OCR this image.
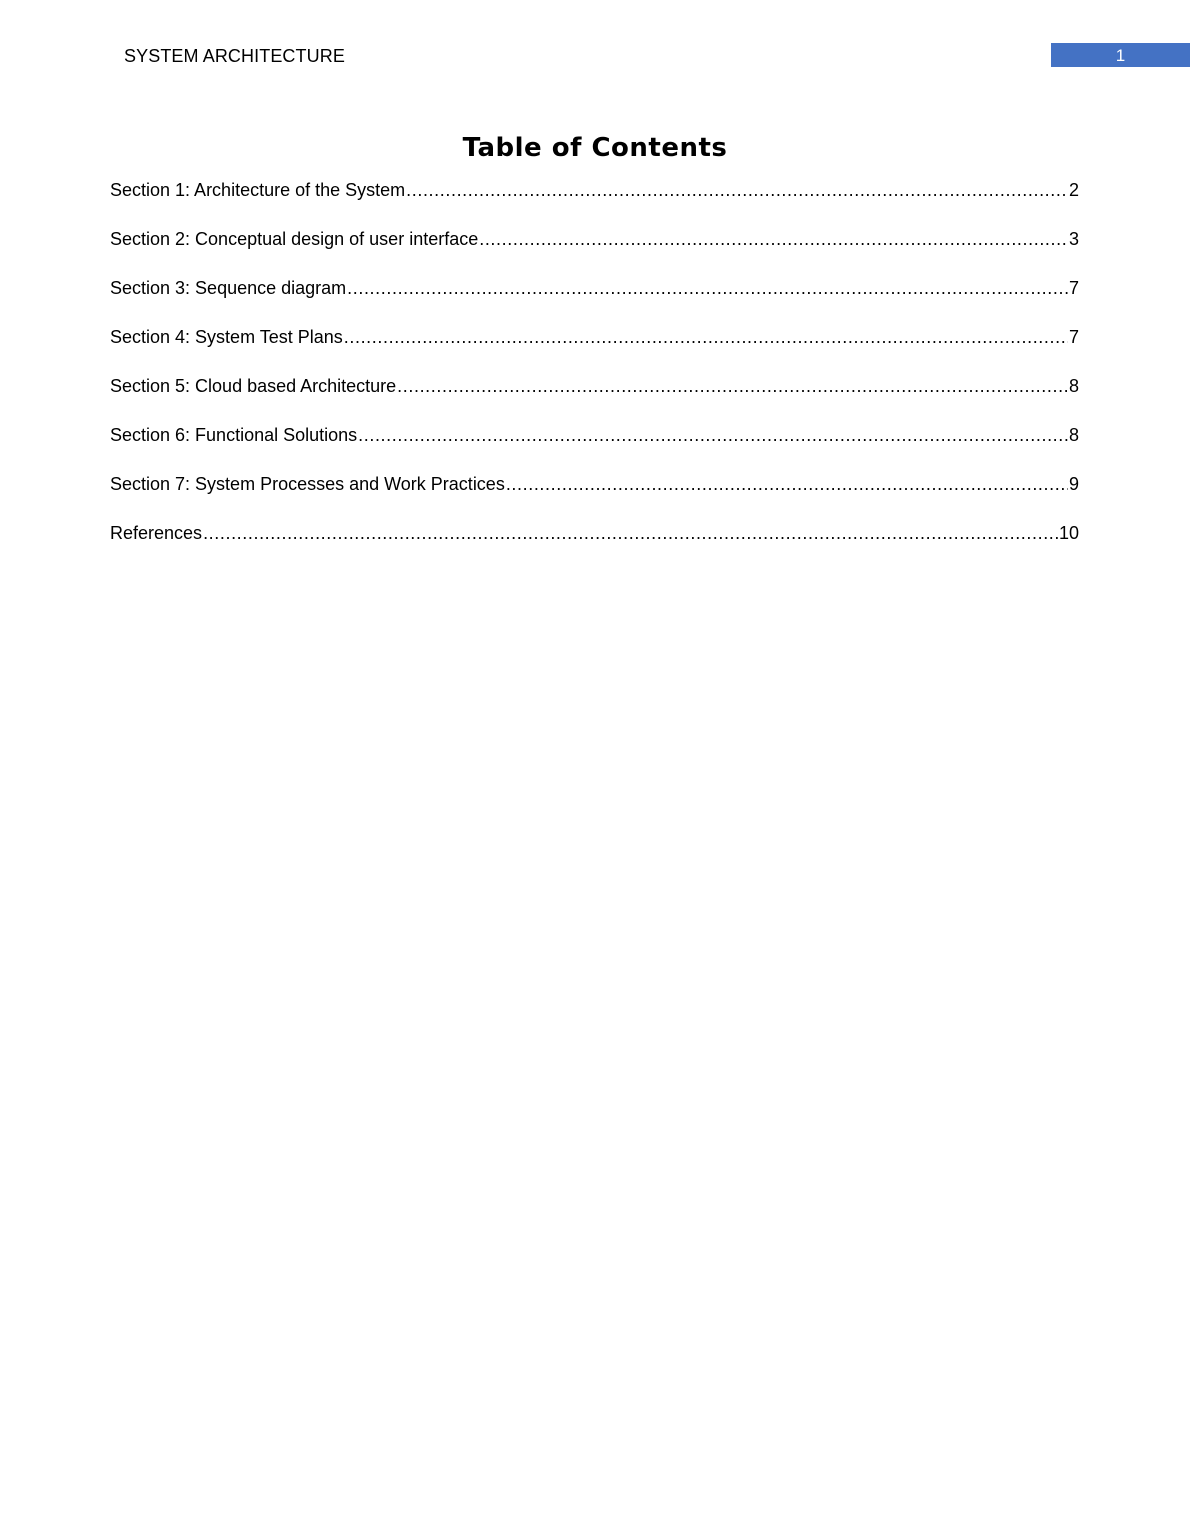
SYSTEM ARCHITECTURE	1
Table of Contents
Section 1: Architecture of the System .....	2
Section 2: Conceptual design of user interface .....	3
Section 3: Sequence diagram .....	7
Section 4: System Test Plans .....	7
Section 5: Cloud based Architecture .....	8
Section 6: Functional Solutions .....	8
Section 7: System Processes and Work Practices .....	9
References .....	10
